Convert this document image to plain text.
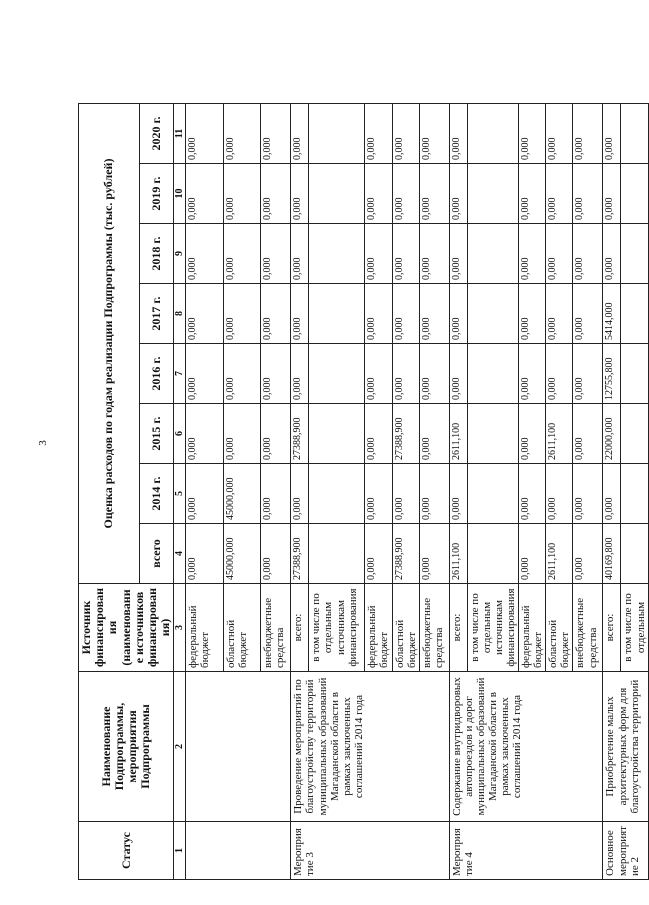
3
Статус	Наименование Подпрограммы, мероприятия Подпрограммы	Источник финансирования (наименование источников финансирования)	Оценка расходов по годам реализации Подпрограммы (тыс. рублей)								
			всего	2014 г.	2015 г.	2016 г.	2017 г.	2018 г.	2019 г.	2020 г.	
1	2	3	4	5	6	7	8	9	10	11	
		федеральный бюджет	0,000	0,000	0,000	0,000	0,000	0,000	0,000	0,000	
		областной бюджет	45000,000	45000,000	0,000	0,000	0,000	0,000	0,000	0,000	
		внебюджетные средства	0,000	0,000	0,000	0,000	0,000	0,000	0,000	0,000	
Мероприятие 3	Проведение мероприятий по благоустройству территорий муниципальных образований Магаданской области в рамках заключенных соглашений 2014 года	всего:	27388,900	0,000	27388,900	0,000	0,000	0,000	0,000	0,000	
		в том числе по отдельным источникам финансирования									
		федеральный бюджет	0,000	0,000	0,000	0,000	0,000	0,000	0,000	0,000	
		областной бюджет	27388,900	0,000	27388,900	0,000	0,000	0,000	0,000	0,000	
		внебюджетные средства	0,000	0,000	0,000	0,000	0,000	0,000	0,000	0,000	
Мероприятие 4	Содержание внутридворовых автопроездов и дорог муниципальных образований Магаданской области в рамках заключенных соглашений 2014 года	всего:	2611,100	0,000	2611,100	0,000	0,000	0,000	0,000	0,000	
		в том числе по отдельным источникам финансирования									
		федеральный бюджет	0,000	0,000	0,000	0,000	0,000	0,000	0,000	0,000	
		областной бюджет	2611,100	0,000	2611,100	0,000	0,000	0,000	0,000	0,000	
		внебюджетные средства	0,000	0,000	0,000	0,000	0,000	0,000	0,000	0,000	
Основное мероприятие 2	Приобретение малых архитектурных форм для благоустройства территорий	всего:	40169,800	0,000	22000,000	12755,800	5414,000	0,000	0,000	0,000	
		в том числе по отдельным									
